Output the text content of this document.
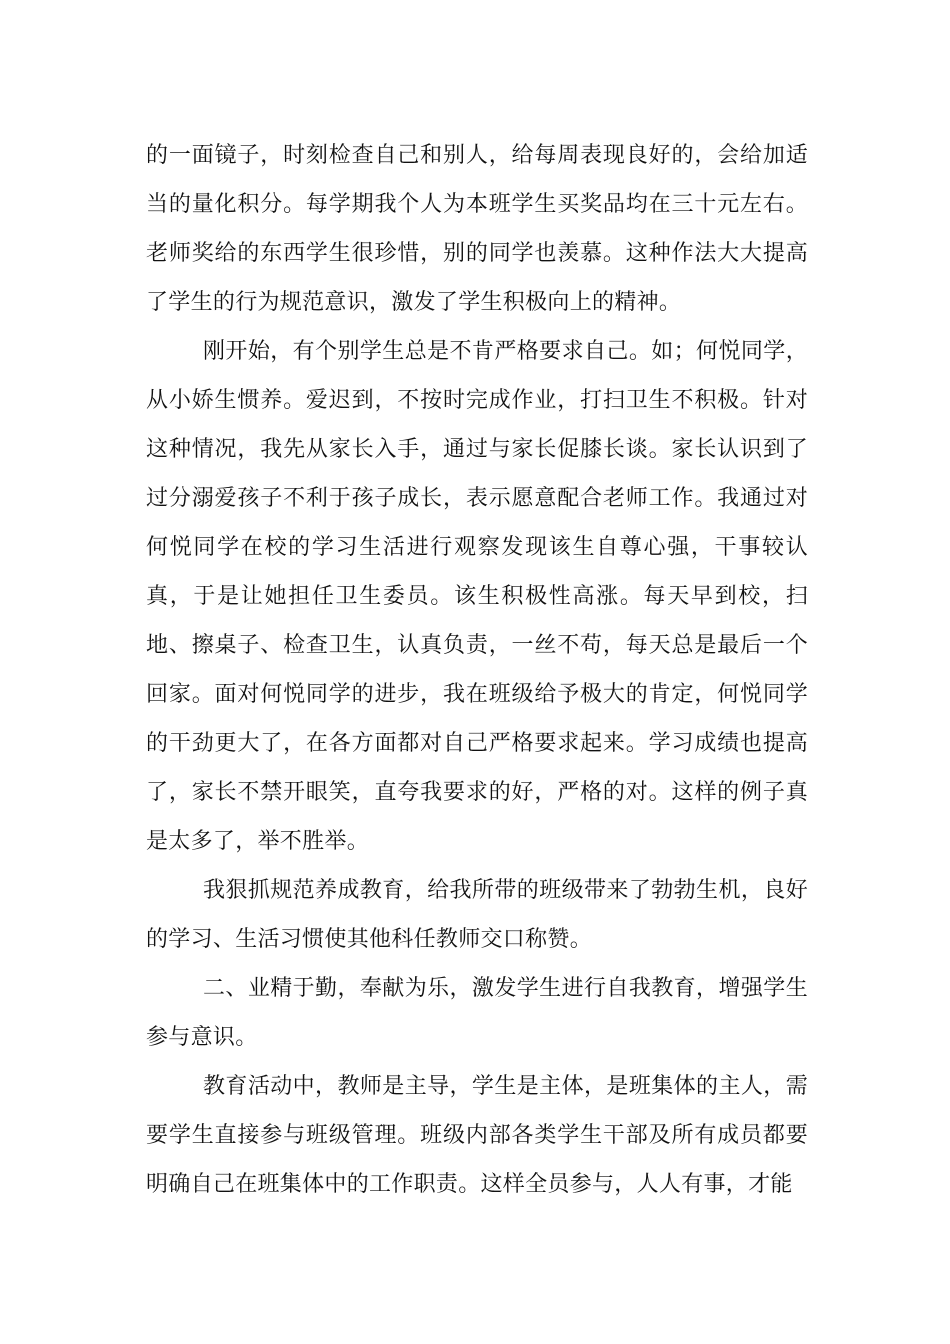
的一面镜子，时刻检查自己和别人，给每周表现良好的，会给加适当的量化积分。每学期我个人为本班学生买奖品均在三十元左右。老师奖给的东西学生很珍惜，别的同学也羡慕。这种作法大大提高了学生的行为规范意识，激发了学生积极向上的精神。

刚开始，有个别学生总是不肯严格要求自己。如；何悦同学，从小娇生惯养。爱迟到，不按时完成作业，打扫卫生不积极。针对这种情况，我先从家长入手，通过与家长促膝长谈。家长认识到了过分溺爱孩子不利于孩子成长，表示愿意配合老师工作。我通过对何悦同学在校的学习生活进行观察发现该生自尊心强，干事较认真，于是让她担任卫生委员。该生积极性高涨。每天早到校，扫地、擦桌子、检查卫生，认真负责，一丝不苟，每天总是最后一个回家。面对何悦同学的进步，我在班级给予极大的肯定，何悦同学的干劲更大了，在各方面都对自己严格要求起来。学习成绩也提高了，家长不禁开眼笑，直夸我要求的好，严格的对。这样的例子真是太多了，举不胜举。

我狠抓规范养成教育，给我所带的班级带来了勃勃生机，良好的学习、生活习惯使其他科任教师交口称赞。

二、业精于勤，奉献为乐，激发学生进行自我教育，增强学生参与意识。

教育活动中，教师是主导，学生是主体，是班集体的主人，需要学生直接参与班级管理。班级内部各类学生干部及所有成员都要明确自己在班集体中的工作职责。这样全员参与，人人有事，才能
